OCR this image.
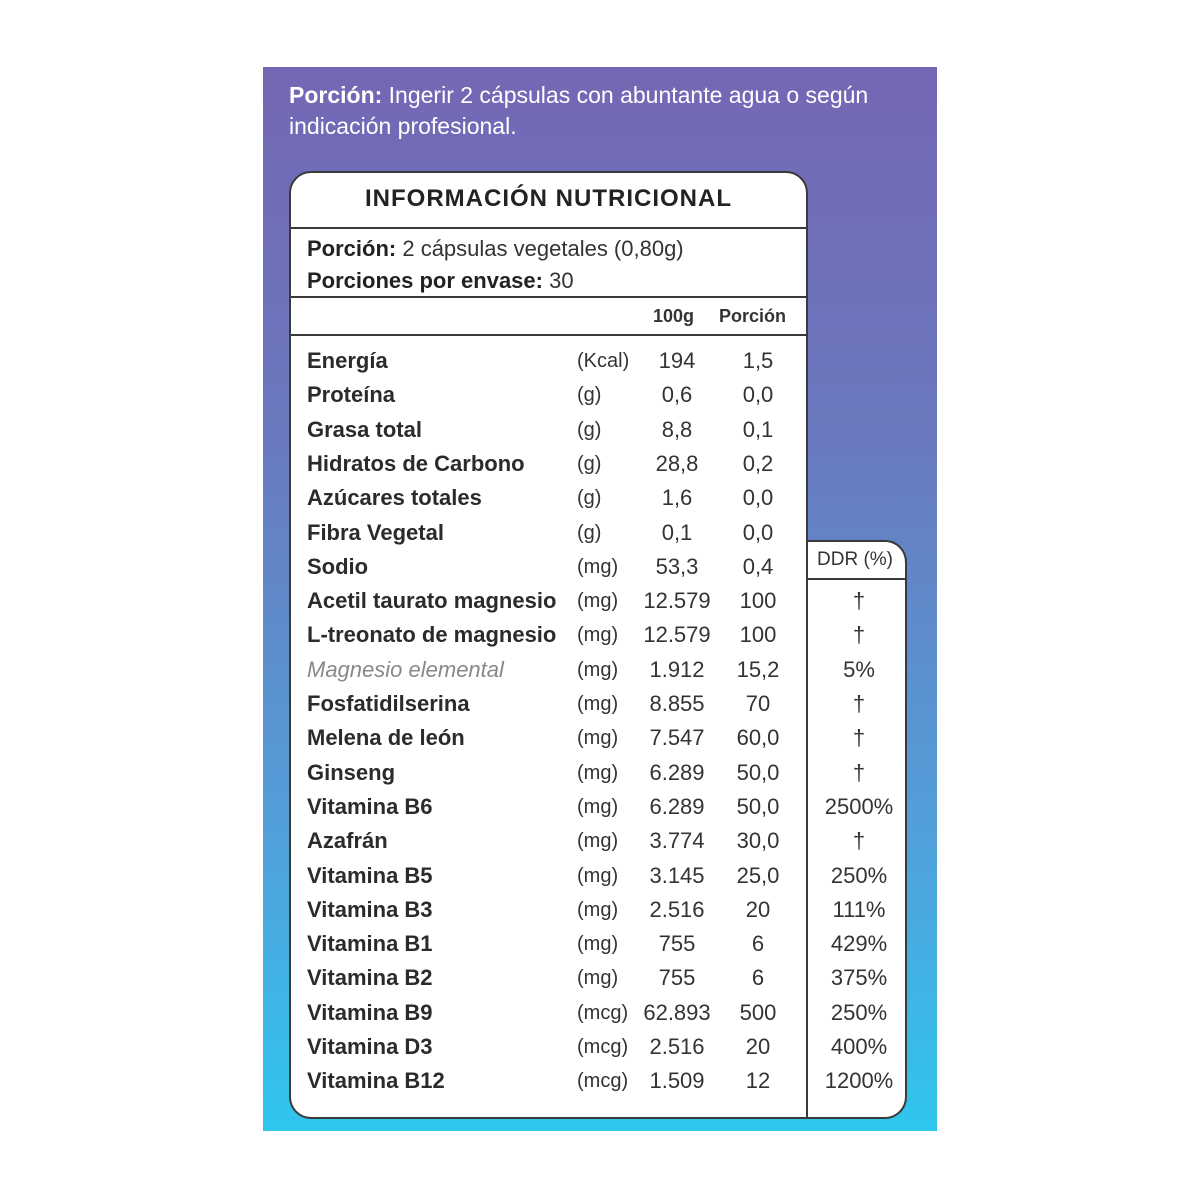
Porción: Ingerir 2 cápsulas con abuntante agua o según indicación profesional.
DDR (%)
INFORMACIÓN NUTRICIONAL
Porción: 2 cápsulas vegetales (0,80g)
Porciones por envase: 30
100g Porción
Energía	(Kcal)	194	1,5
Proteína	(g)	0,6	0,0
Grasa total	(g)	8,8	0,1
Hidratos de Carbono	(g)	28,8	0,2
Azúcares totales	(g)	1,6	0,0
Fibra Vegetal	(g)	0,1	0,0
Sodio	(mg)	53,3	0,4
Acetil taurato magnesio (mg)	12.579	100	†
L-treonato de magnesio (mg)	12.579	100	†
Magnesio elemental	(mg)	1.912	15,2	5%
Fosfatidilserina	(mg)	8.855	70	†
Melena de león	(mg)	7.547	60,0	†
Ginseng	(mg)	6.289	50,0	†
Vitamina B6	(mg)	6.289	50,0	2500%
Azafrán	(mg)	3.774	30,0	†
Vitamina B5	(mg)	3.145	25,0	250%
Vitamina B3	(mg)	2.516	20	111%
Vitamina B1	(mg)	755	6	429%
Vitamina B2	(mg)	755	6	375%
Vitamina B9	(mcg) 62.893	500	250%
Vitamina D3	(mcg) 2.516	20	400%
Vitamina B12	(mcg) 1.509	12	1200%
